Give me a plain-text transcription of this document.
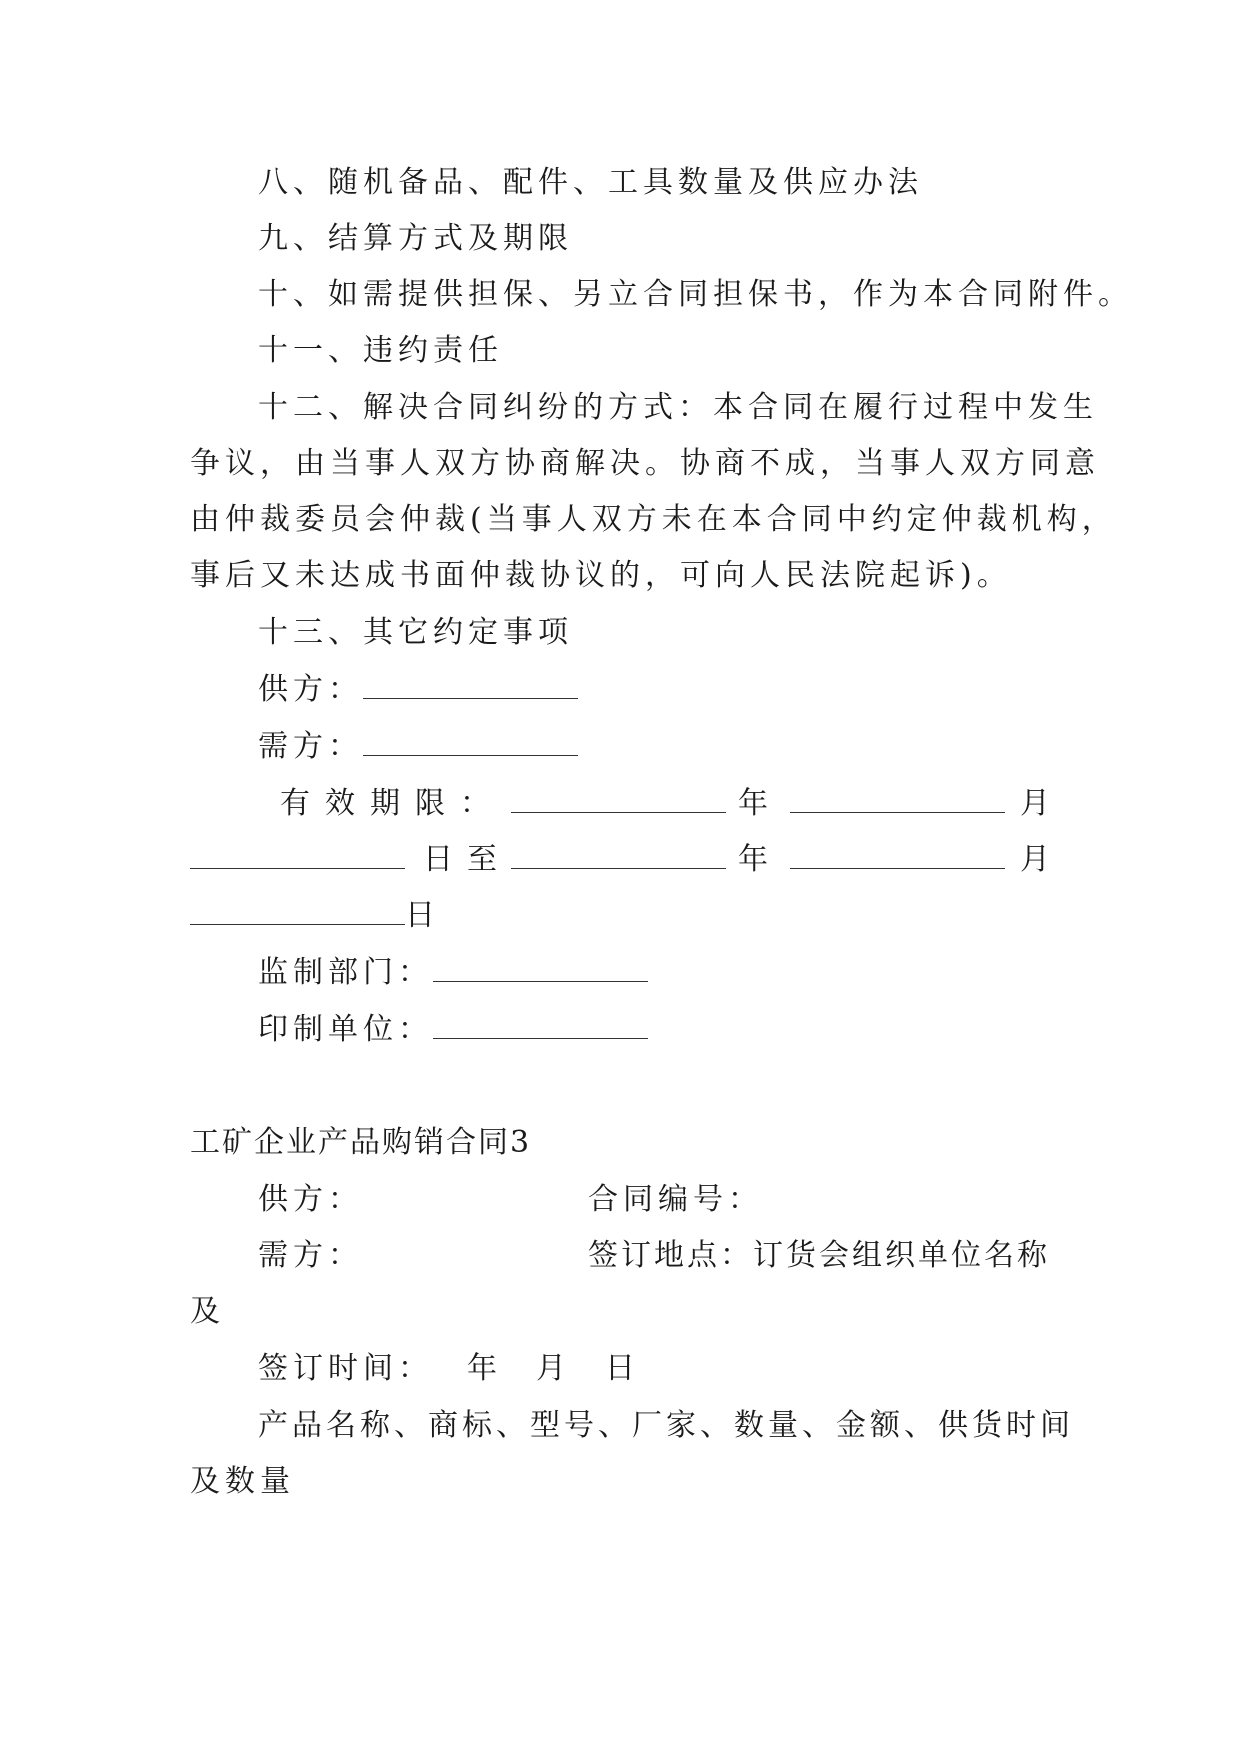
八、随机备品、配件、工具数量及供应办法
九、结算方式及期限
十、如需提供担保、另立合同担保书，作为本合同附件。
十一、违约责任
十二、解决合同纠纷的方式：本合同在履行过程中发生
争议，由当事人双方协商解决。协商不成，当事人双方同意
由仲裁委员会仲裁(当事人双方未在本合同中约定仲裁机构，
事后又未达成书面仲裁协议的，可向人民法院起诉)。
十三、其它约定事项
供方：
需方：
有效期限：	年	月
日至	年	月
日
监制部门：
印制单位：
工矿企业产品购销合同3
供方：	合同编号：
需方：	签订地点：订货会组织单位名称
及
签订时间： 年 月 日
产品名称、商标、型号、厂家、数量、金额、供货时间
及数量
